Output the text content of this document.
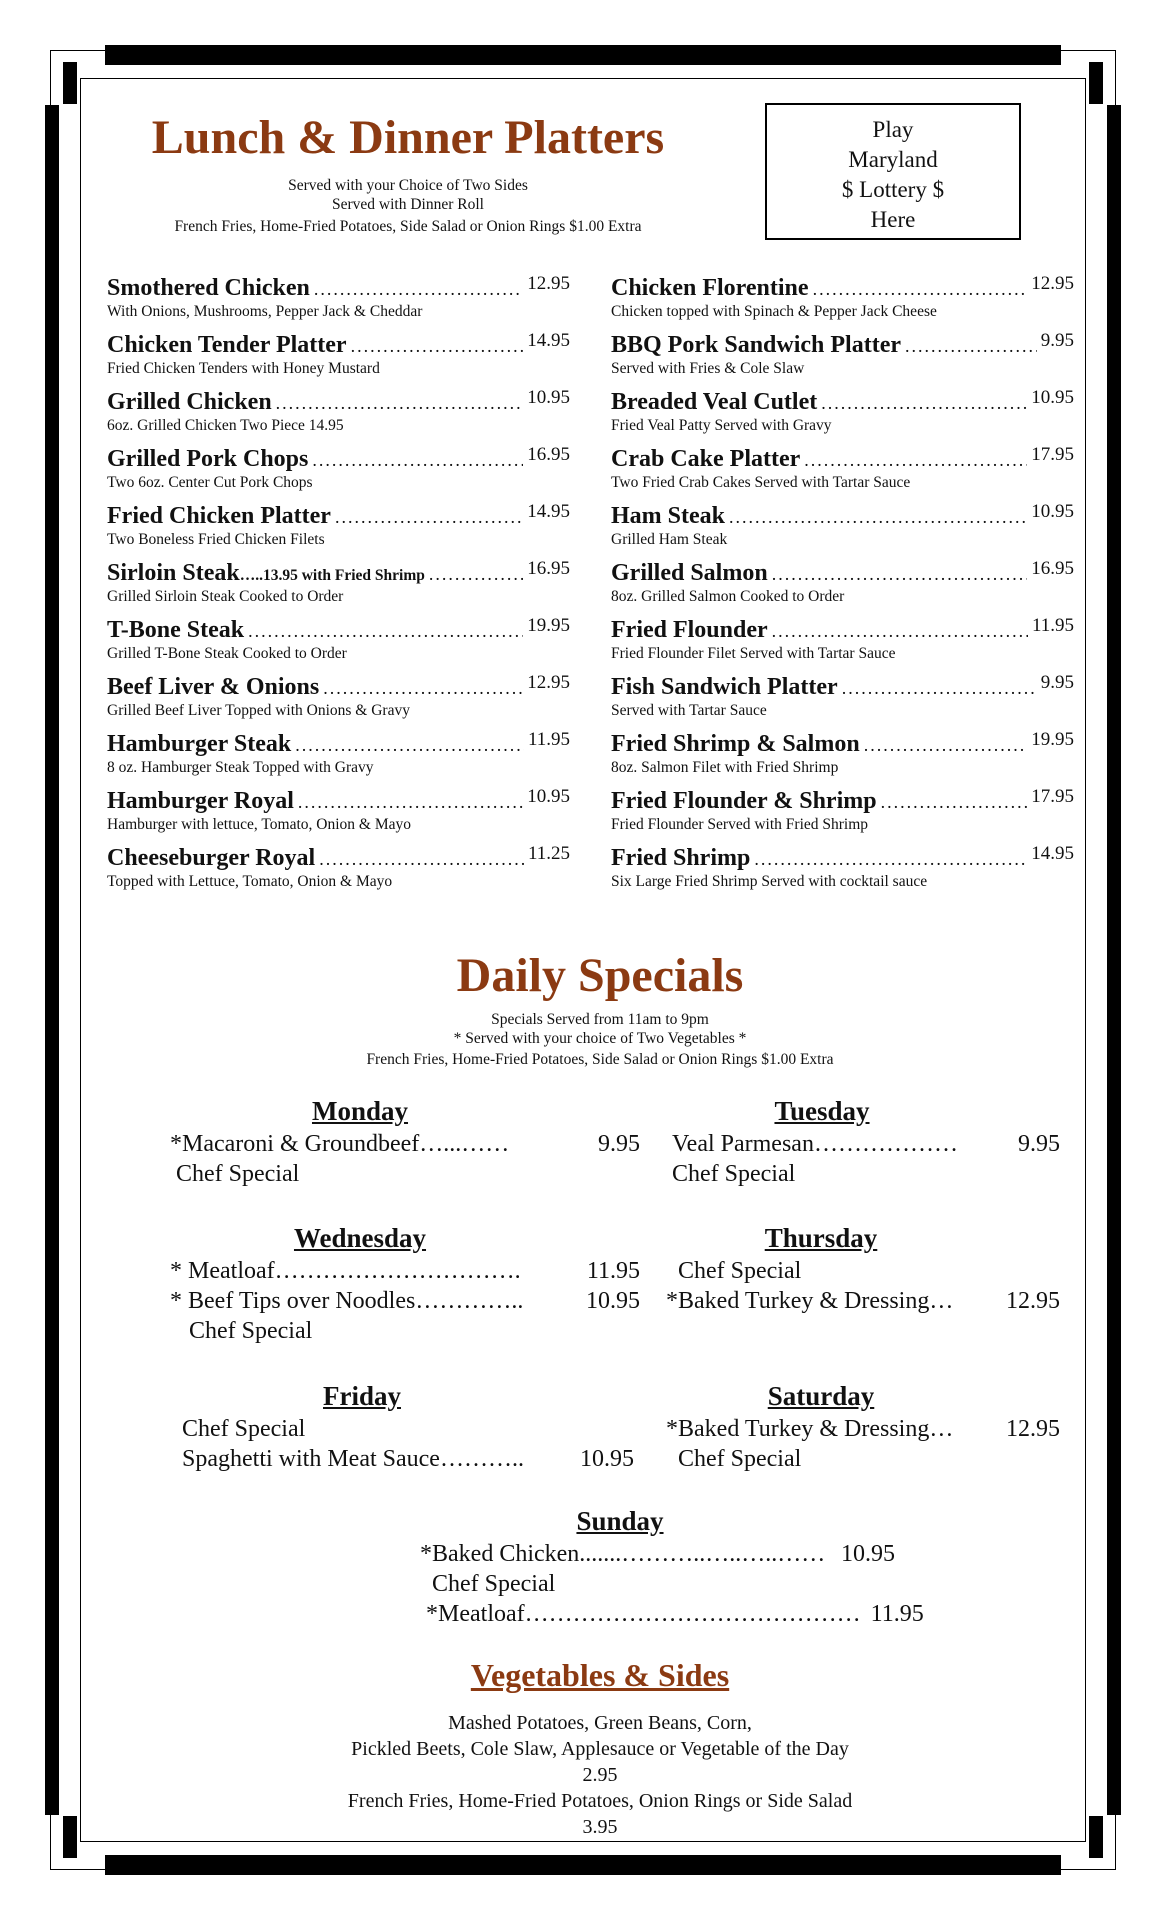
Lunch & Dinner Platters

Served with your Choice of Two Sides

Served with Dinner Roll

French Fries, Home-Fried Potatoes, Side Salad or Onion Rings $1.00 Extra

Play
Maryland
$ Lottery $
Here
Smothered Chicken .....	12.95
With Onions, Mushrooms, Pepper Jack & Cheddar
Chicken Tender Platter .....	14.95
Fried Chicken Tenders with Honey Mustard
Grilled Chicken .....	10.95
6oz. Grilled Chicken Two Piece 14.95
Grilled Pork Chops .....	16.95
Two 6oz. Center Cut Pork Chops
Fried Chicken Platter .....	14.95
Two Boneless Fried Chicken Filets
Sirloin Steak…..13.95 with Fried Shrimp .....	16.95
Grilled Sirloin Steak Cooked to Order
T-Bone Steak .....	19.95
Grilled T-Bone Steak Cooked to Order
Beef Liver & Onions .....	12.95
Grilled Beef Liver Topped with Onions & Gravy
Hamburger Steak .....	11.95
8 oz. Hamburger Steak Topped with Gravy
Hamburger Royal .....	10.95
Hamburger with lettuce, Tomato, Onion & Mayo
Cheeseburger Royal .....	11.25
Topped with Lettuce, Tomato, Onion & Mayo
Chicken Florentine .....	12.95
Chicken topped with Spinach & Pepper Jack Cheese
BBQ Pork Sandwich Platter .....	9.95
Served with Fries & Cole Slaw
Breaded Veal Cutlet .....	10.95
Fried Veal Patty Served with Gravy
Crab Cake Platter .....	17.95
Two Fried Crab Cakes Served with Tartar Sauce
Ham Steak .....	10.95
Grilled Ham Steak
Grilled Salmon .....	16.95
8oz. Grilled Salmon Cooked to Order
Fried Flounder .....	11.95
Fried Flounder Filet Served with Tartar Sauce
Fish Sandwich Platter .....	9.95
Served with Tartar Sauce
Fried Shrimp & Salmon .....	19.95
8oz. Salmon Filet with Fried Shrimp
Fried Flounder & Shrimp .....	17.95
Fried Flounder Served with Fried Shrimp
Fried Shrimp .....	14.95
Six Large Fried Shrimp Served with cocktail sauce
Daily Specials
Specials Served from 11am to 9pm
* Served with your choice of Two Vegetables *
French Fries, Home-Fried Potatoes, Side Salad or Onion Rings $1.00 Extra
Monday
*Macaroni & Groundbeef…...……	9.95
Chef Special
Tuesday
Veal Parmesan………………	9.95
Chef Special
Wednesday
* Meatloaf………………………….	11.95
* Beef Tips over Noodles…………..	10.95
Chef Special
Thursday
Chef Special
*Baked Turkey & Dressing…	12.95
Friday
Chef Special
Spaghetti with Meat Sauce………..	10.95
Saturday
*Baked Turkey & Dressing…	12.95
Chef Special
Sunday
*Baked Chicken.......………..…..…..…… 10.95
Chef Special
*Meatloaf…………………………………… 11.95
Vegetables & Sides
Mashed Potatoes, Green Beans, Corn,
Pickled Beets, Cole Slaw, Applesauce or Vegetable of the Day
2.95
French Fries, Home-Fried Potatoes, Onion Rings or Side Salad
3.95
